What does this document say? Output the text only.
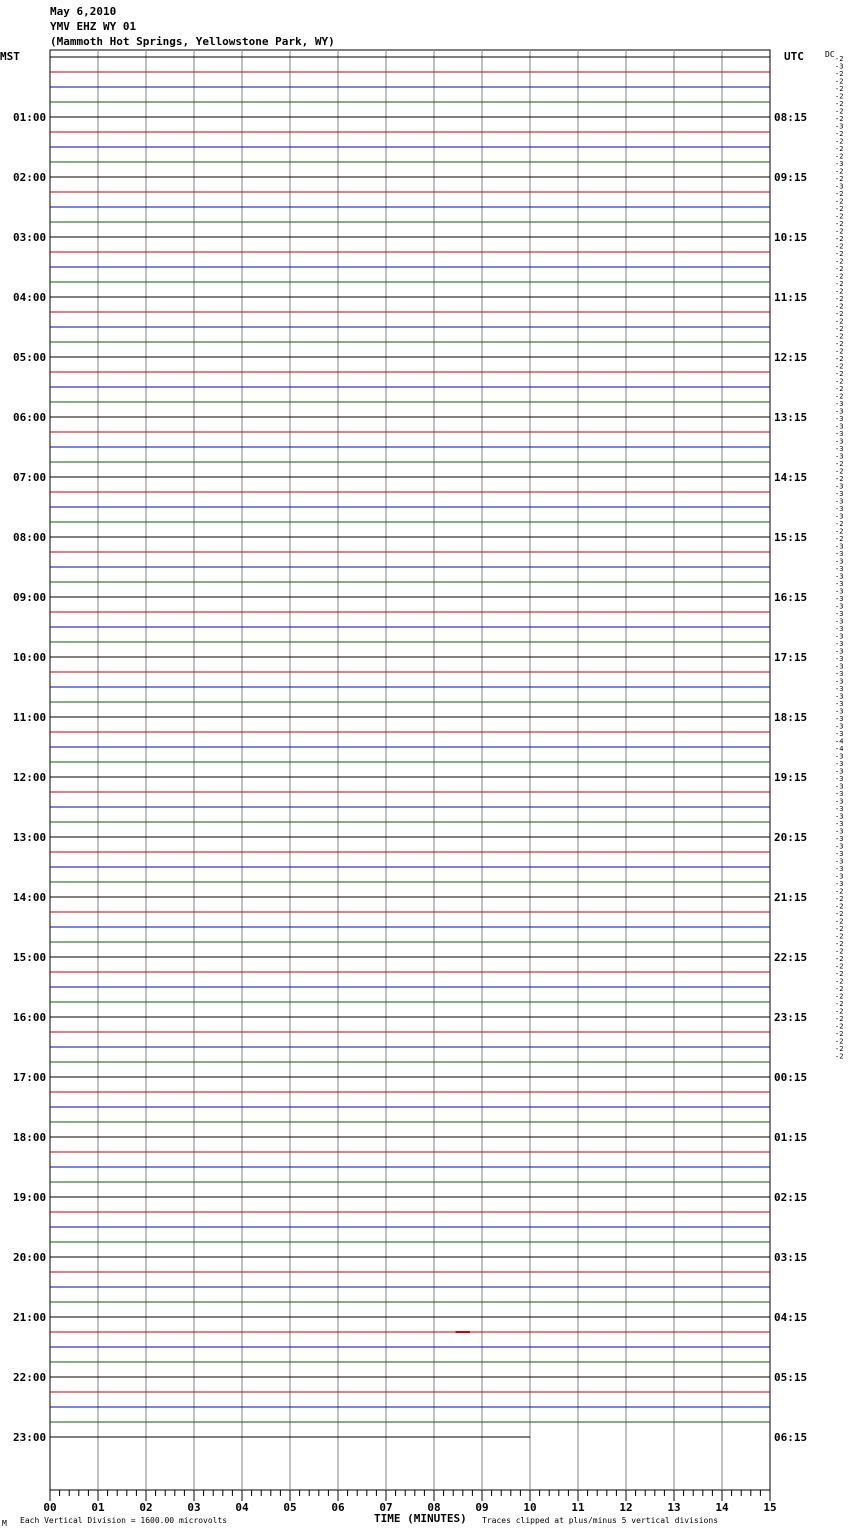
May 6,2010
YMV EHZ WY 01
(Mammoth Hot Springs, Yellowstone Park, WY)
MST	UTC	DC
01:00	08:15
02:00	09:15
03:00	10:15
04:00	11:15
05:00	12:15
06:00	13:15
07:00	14:15
08:00	15:15
09:00	16:15
10:00	17:15
11:00	18:15
12:00	19:15
13:00	20:15
14:00	21:15
15:00	22:15
16:00	23:15
17:00	00:15
18:00	01:15
19:00	02:15
20:00	03:15
21:00	04:15
22:00	05:15
23:00	06:15
-2
-3
-2
-2
-2
-2
-2
-2
-2
-3
-2
-2
-2
-2
-3
-2
-2
-3
-2
-2
-2
-2
-2
-2
-2
-2
-2
-2
-2
-2
-2
-2
-2
-2
-2
-2
-2
-2
-2
-2
-2
-2
-2
-2
-2
-2
-3
-3
-3
-3
-3
-3
-3
-3
-2
-2
-2
-3
-3
-3
-3
-3
-2
-2
-2
-3
-3
-3
-3
-3
-3
-3
-3
-3
-3
-3
-3
-3
-3
-3
-3
-3
-3
-3
-3
-3
-3
-3
-3
-3
-3
-4
-4
-3
-3
-3
-3
-3
-3
-3
-3
-3
-3
-3
-3
-3
-3
-3
-3
-3
-3
-2
-2
-2
-2
-2
-2
-2
-2
-2
-2
-2
-2
-2
-2
-2
-2
-2
-2
-2
-2
-2
-2
-2
00	01	02	03	04	05	06	07	08	09	10	11	12	13	14	15
M Each Vertical Division = 1600.00 microvolts	TIME (MINUTES) Traces clipped at plus/minus 5 vertical divisions
